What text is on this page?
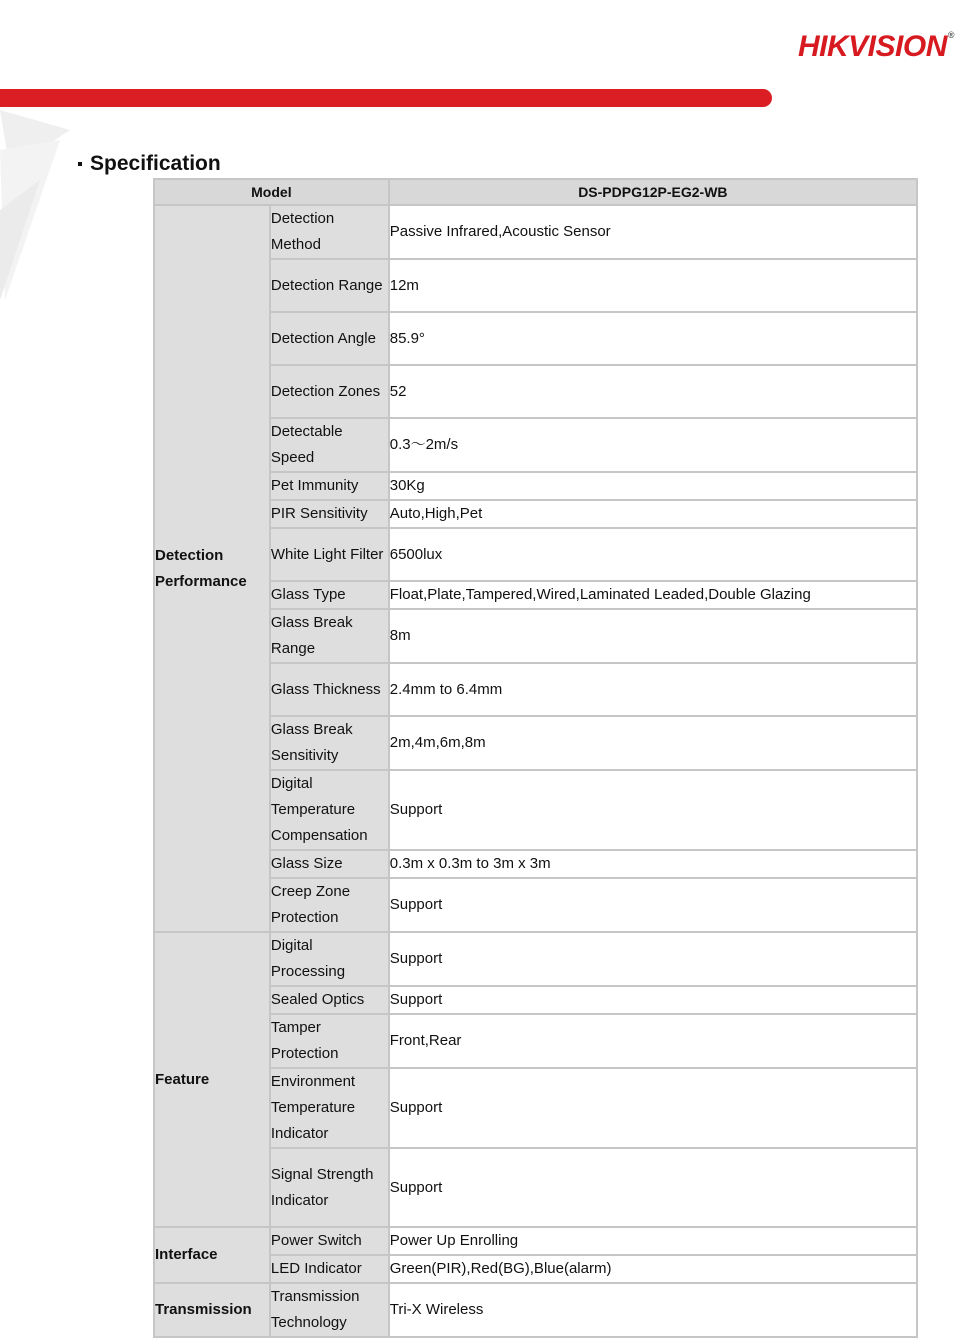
HIKVISION®
Specification
Model		DS-PDPG12P-EG2-WB
Detection Performance	Detection Method	Passive Infrared,Acoustic Sensor
	Detection Range	12m
	Detection Angle	85.9°
	Detection Zones	52
	Detectable Speed	0.3～2m/s
	Pet Immunity	30Kg
	PIR Sensitivity	Auto,High,Pet
	White Light Filter	6500lux
	Glass Type	Float,Plate,Tampered,Wired,Laminated Leaded,Double Glazing
	Glass Break Range	8m
	Glass Thickness	2.4mm to 6.4mm
	Glass Break Sensitivity	2m,4m,6m,8m
	Digital Temperature Compensation	Support
	Glass Size	0.3m x 0.3m to 3m x 3m
	Creep Zone Protection	Support
Feature	Digital Processing	Support
	Sealed Optics	Support
	Tamper Protection	Front,Rear
	Environment Temperature Indicator	Support
	Signal Strength Indicator	Support
Interface	Power Switch	Power Up Enrolling
	LED Indicator	Green(PIR),Red(BG),Blue(alarm)
Transmission	Transmission Technology	Tri-X Wireless
